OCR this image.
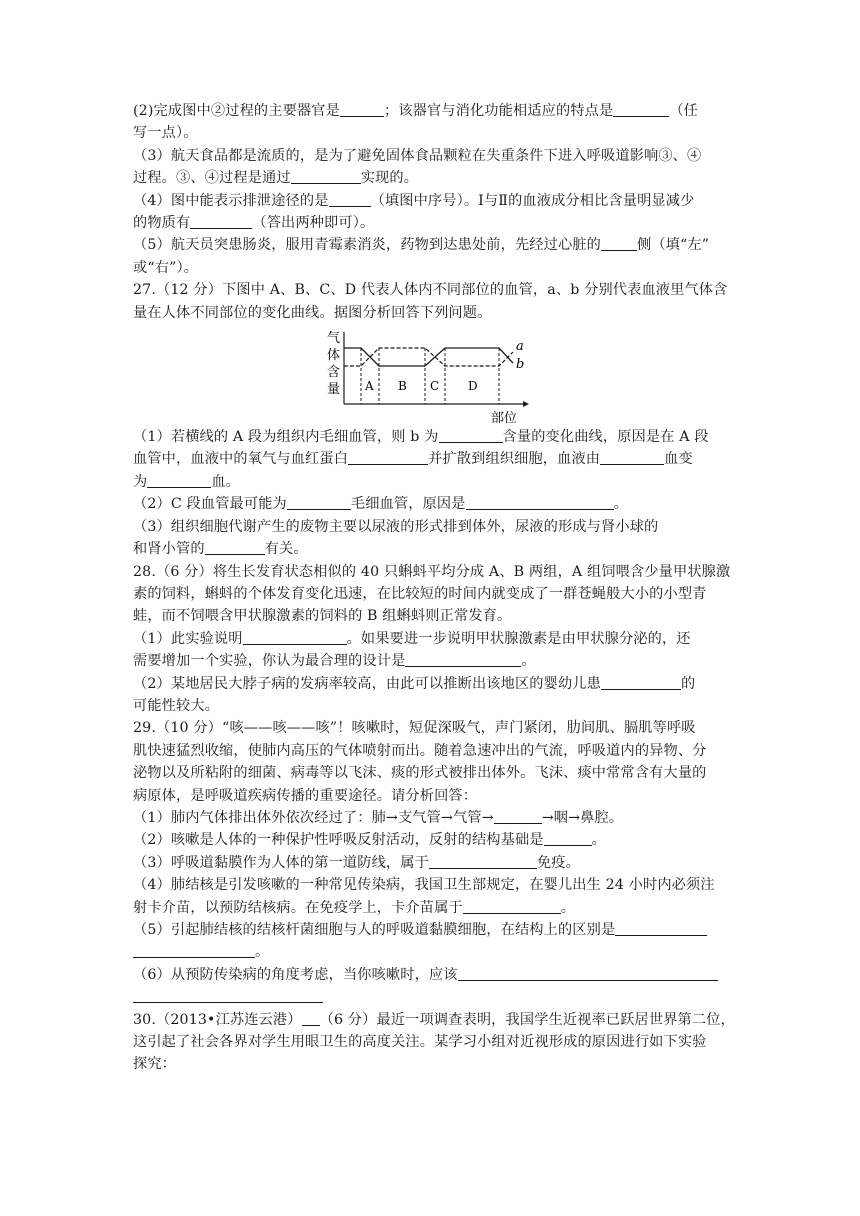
(2)完成图中②过程的主要器官是	；该器官与消化功能相适应的特点是	（任
写一点）。
（3）航天食品都是流质的，是为了避免固体食品颗粒在失重条件下进入呼吸道影响③、④
过程。③、④过程是通过	实现的。
（4）图中能表示排泄途径的是	（填图中序号）。Ⅰ与Ⅱ的血液成分相比含量明显减少
的物质有	（答出两种即可）。
（5）航天员突患肠炎，服用青霉素消炎，药物到达患处前，先经过心脏的	侧（填“左”
或“右”）。
27.（12 分）下图中 A、B、C、D 代表人体内不同部位的血管，a、b 分别代表血液里气体含
量在人体不同部位的变化曲线。据图分析回答下列问题。
气
体
含
量 A B C D
a
b
部位
（1）若横线的 A 段为组织内毛细血管，则 b 为	含量的变化曲线，原因是在 A 段
血管中，血液中的氧气与血红蛋白	并扩散到组织细胞，血液由	血变
为	血。
（2）C 段血管最可能为	毛细血管，原因是	。
（3）组织细胞代谢产生的废物主要以尿液的形式排到体外，尿液的形成与肾小球的
和肾小管的	有关。
28.（6 分）将生长发育状态相似的 40 只蝌蚪平均分成 A、B 两组，A 组饲喂含少量甲状腺激
素的饲料，蝌蚪的个体发育变化迅速，在比较短的时间内就变成了一群苍蝇般大小的小型青
蛙，而不饲喂含甲状腺激素的饲料的 B 组蝌蚪则正常发育。
（1）此实验说明	。如果要进一步说明甲状腺激素是由甲状腺分泌的，还
需要增加一个实验，你认为最合理的设计是	。
（2）某地居民大脖子病的发病率较高，由此可以推断出该地区的婴幼儿患	的
可能性较大。
29.（10 分）“咳——咳——咳”！咳嗽时，短促深吸气，声门紧闭，肋间肌、膈肌等呼吸
肌快速猛烈收缩，使肺内高压的气体喷射而出。随着急速冲出的气流，呼吸道内的异物、分
泌物以及所粘附的细菌、病毒等以飞沫、痰的形式被排出体外。飞沫、痰中常常含有大量的
病原体，是呼吸道疾病传播的重要途径。请分析回答：
（1）肺内气体排出体外依次经过了：肺→支气管→气管→	→咽→鼻腔。
（2）咳嗽是人体的一种保护性呼吸反射活动，反射的结构基础是	。
（3）呼吸道黏膜作为人体的第一道防线，属于	免疫。
（4）肺结核是引发咳嗽的一种常见传染病，我国卫生部规定，在婴儿出生 24 小时内必须注
射卡介苗，以预防结核病。在免疫学上，卡介苗属于	。
（5）引起肺结核的结核杆菌细胞与人的呼吸道黏膜细胞，在结构上的区别是
。
（6）从预防传染病的角度考虑，当你咳嗽时，应该
30.（2013•江苏连云港） （6 分）最近一项调查表明，我国学生近视率已跃居世界第二位，
这引起了社会各界对学生用眼卫生的高度关注。某学习小组对近视形成的原因进行如下实验
探究：
